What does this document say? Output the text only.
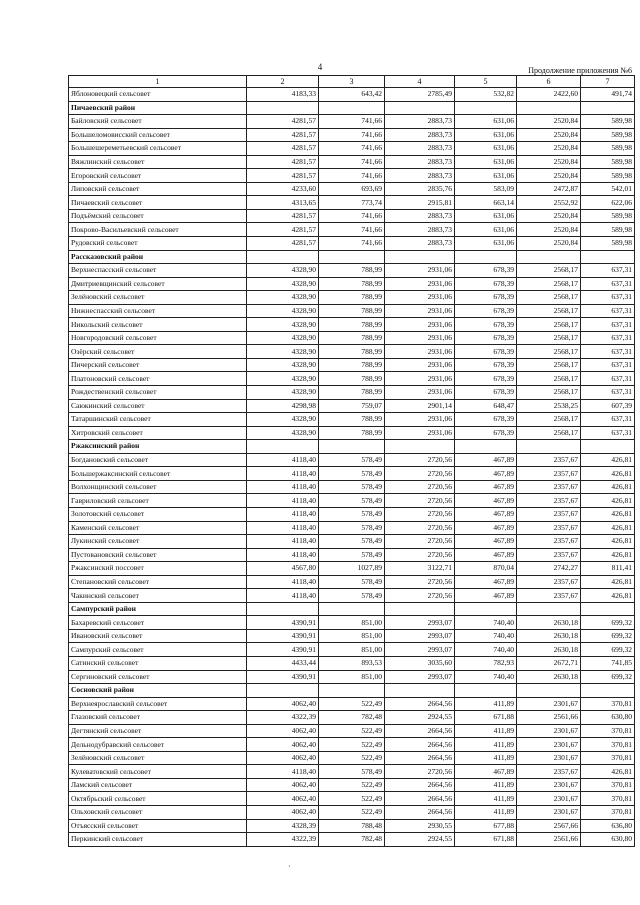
4	Продолжение приложения №6
1	2	3	4	5	6	7
Яблоновецкий сельсовет	4183,33	643,42	2785,49	532,82	2422,60	491,74
Пичаевский район						
Байловский сельсовет	4281,57	741,66	2883,73	631,06	2520,84	589,98
Большеломовисский сельсовет	4281,57	741,66	2883,73	631,06	2520,84	589,98
Большешереметьевский сельсовет	4281,57	741,66	2883,73	631,06	2520,84	589,98
Вяжлинский сельсовет	4281,57	741,66	2883,73	631,06	2520,84	589,98
Егоровский сельсовет	4281,57	741,66	2883,73	631,06	2520,84	589,98
Липовский сельсовет	4233,60	693,69	2835,76	583,09	2472,87	542,01
Пичаевский сельсовет	4313,65	773,74	2915,81	663,14	2552,92	622,06
Подъёмский сельсовет	4281,57	741,66	2883,73	631,06	2520,84	589,98
Покрово-Васильевский сельсовет	4281,57	741,66	2883,73	631,06	2520,84	589,98
Рудовский сельсовет	4281,57	741,66	2883,73	631,06	2520,84	589,98
Рассказовский район						
Верхнеспасский сельсовет	4328,90	788,99	2931,06	678,39	2568,17	637,31
Дмитриевщинский сельсовет	4328,90	788,99	2931,06	678,39	2568,17	637,31
Зелёновский сельсовет	4328,90	788,99	2931,06	678,39	2568,17	637,31
Нижнеспасский сельсовет	4328,90	788,99	2931,06	678,39	2568,17	637,31
Никольский сельсовет	4328,90	788,99	2931,06	678,39	2568,17	637,31
Новгородовский сельсовет	4328,90	788,99	2931,06	678,39	2568,17	637,31
Озёрский сельсовет	4328,90	788,99	2931,06	678,39	2568,17	637,31
Пичерский сельсовет	4328,90	788,99	2931,06	678,39	2568,17	637,31
Платоновский сельсовет	4328,90	788,99	2931,06	678,39	2568,17	637,31
Рождественский сельсовет	4328,90	788,99	2931,06	678,39	2568,17	637,31
Саюкинский сельсовет	4298,98	759,07	2901,14	648,47	2538,25	607,39
Татаршинский сельсовет	4328,90	788,99	2931,06	678,39	2568,17	637,31
Хитровский сельсовет	4328,90	788,99	2931,06	678,39	2568,17	637,31
Ржаксинский район						
Богдановский сельсовет	4118,40	578,49	2720,56	467,89	2357,67	426,81
Большержаксинский сельсовет	4118,40	578,49	2720,56	467,89	2357,67	426,81
Волхонщинский сельсовет	4118,40	578,49	2720,56	467,89	2357,67	426,81
Гавриловский сельсовет	4118,40	578,49	2720,56	467,89	2357,67	426,81
Золотовский сельсовет	4118,40	578,49	2720,56	467,89	2357,67	426,81
Каменский сельсовет	4118,40	578,49	2720,56	467,89	2357,67	426,81
Лукинский сельсовет	4118,40	578,49	2720,56	467,89	2357,67	426,81
Пустовановский сельсовет	4118,40	578,49	2720,56	467,89	2357,67	426,81
Ржаксинский поссовет	4567,80	1027,89	3122,71	870,04	2742,27	811,41
Степановский сельсовет	4118,40	578,49	2720,56	467,89	2357,67	426,81
Чакинский сельсовет	4118,40	578,49	2720,56	467,89	2357,67	426,81
Сампурский район						
Бахаревский сельсовет	4390,91	851,00	2993,07	740,40	2630,18	699,32
Ивановский сельсовет	4390,91	851,00	2993,07	740,40	2630,18	699,32
Сампурский сельсовет	4390,91	851,00	2993,07	740,40	2630,18	699,32
Сатинский сельсовет	4433,44	893,53	3035,60	782,93	2672,71	741,85
Сергиновский сельсовет	4390,91	851,00	2993,07	740,40	2630,18	699,32
Сосновский район						
Верхнеярославский сельсовет	4062,40	522,49	2664,56	411,89	2301,67	370,81
Глазовский сельсовет	4322,39	782,48	2924,55	671,88	2561,66	630,80
Дегтянский сельсовет	4062,40	522,49	2664,56	411,89	2301,67	370,81
Дельнодубравский сельсовет	4062,40	522,49	2664,56	411,89	2301,67	370,81
Зелёновский сельсовет	4062,40	522,49	2664,56	411,89	2301,67	370,81
Кулеватовский сельсовет	4118,40	578,49	2720,56	467,89	2357,67	426,81
Ламский сельсовет	4062,40	522,49	2664,56	411,89	2301,67	370,81
Октябрьский сельсовет	4062,40	522,49	2664,56	411,89	2301,67	370,81
Ольховский сельсовет	4062,40	522,49	2664,56	411,89	2301,67	370,81
Отъясский сельсовет	4328,39	788,48	2930,55	677,88	2567,66	636,80
Перкинский сельсовет	4322,39	782,48	2924,55	671,88	2561,66	630,80
·
